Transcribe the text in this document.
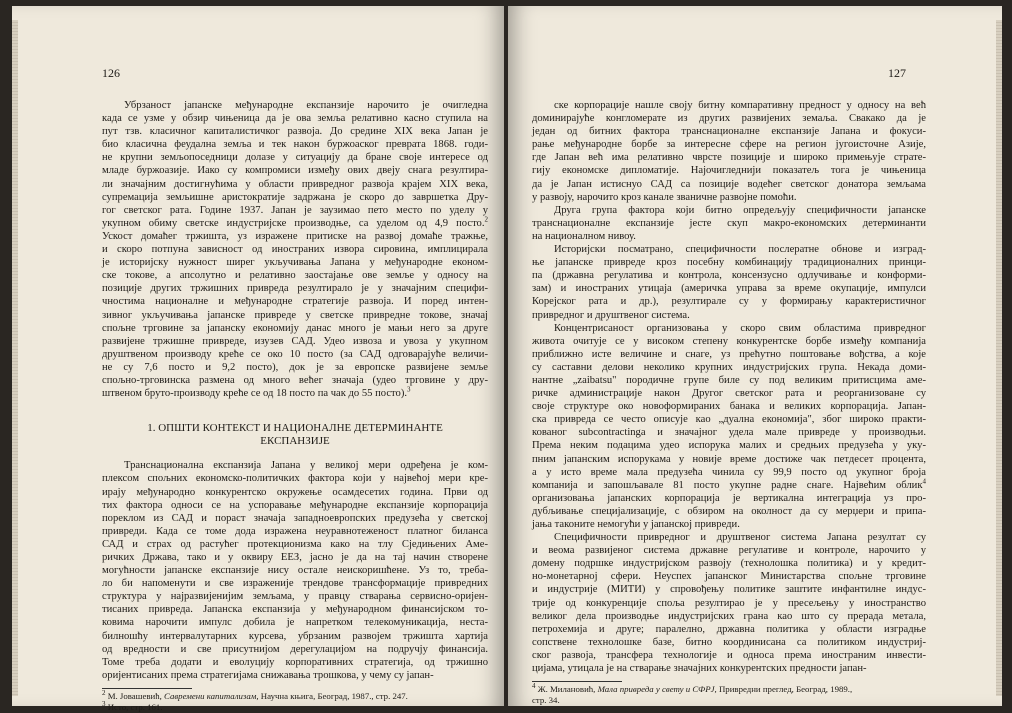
126
Убрзаност јапанске међународне експанзије нарочито је очигледна
када се узме у обзир чињеница да је ова земља релативно касно ступила на
пут тзв. класичног капиталистичког развоја. До средине XIX века Јапан је
био класична феудална земља и тек након буржоаског преврата 1868. годи-
не крупни земљопоседници долазе у ситуацију да бране своје интересе од
младе буржоазије. Иако су компромиси између ових двеју снага резултира-
ли значајним достигнућима у области привредног развоја крајем XIX века,
супремација земљишне аристократије задржана је скоро до завршетка Дру-
гог светског рата. Године 1937. Јапан је заузимао пето место по уделу у
укупном обиму светске индустријске производње, са уделом од 4,9 посто.$^2$
Ускост домаћег тржишта, уз изражене притиске на развој домаће тражње,
и скоро потпуна зависност од иностраних извора сировина, имплицирала
је историјску нужност ширег укључивања Јапана у међународне економ-
ске токове, а апсолутно и релативно заостајање ове земље у односу на
позиције других тржишних привреда резултирало је у значајним специфи-
чностима националне и међународне стратегије развоја. И поред интен-
зивног укључивања јапанске привреде у светске привредне токове, значај
спољне трговине за јапанску економију данас много је мањи него за друге
развијене тржишне привреде, изузев САД. Удео извоза и увоза у укупном
друштвеном производу креће се око 10 посто (за САД одговарајуће величи-
не су 7,6 посто и 9,2 посто), док је за европске развијене земље
спољно-трговинска размена од много већег значаја (удео трговине у дру-
штвеном бруто-производу креће се од 18 посто па чак до 55 посто).$^3$
1. ОПШТИ КОНТЕКСТ И НАЦИОНАЛНЕ ДЕТЕРМИНАНТЕ
ЕКСПАНЗИЈЕ
Транснационална експанзија Јапана у великој мери одређена је ком-
плексом спољних економско-политичких фактора који у највећој мери кре-
ирају међународно конкурентско окружење осамдесетих година. Први од
тих фактора односи се на успоравање међународне експанзије корпорација
пореклом из САД и пораст значаја западноевропских предузећа у светској
привреди. Када се томе дода изражена неуравнотеженост платног биланса
САД и страх од растућег протекционизма како на тлу Сједињених Аме-
ричких Држава, тако и у оквиру ЕЕЗ, јасно је да на тај начин створене
могућности јапанске експанзије нису остале неискоришћене. Уз то, треба-
ло би напоменути и све израженије трендове трансформације привредних
структура у најразвијенијим земљама, у правцу стварања сервисно-оријен-
тисаних привреда. Јапанска експанзија у међународном финансијском то-
ковима нарочити импулс добила је напретком телекомуникација, неста-
билношћу интервалутарних курсева, убрзаним развојем тржишта хартија
од вредности и све присутнијом дерегулацијом на подручју финансија.
Томе треба додати и еволуцију корпоративних стратегија, од тржишно
оријентисаних према стратегијама снижавања трошкова, у чему су јапан-
$^2$ М. Јовашевић, Савремени капитализам, Научна књига, Београд, 1987., стр. 247.
$^3$ Исто, стр. 161.
127
ске корпорације нашле своју битну компаративну предност у односу на већ
доминирајуће конгломерате из других развијених земаља. Свакако да је
један од битних фактора транснационалне експанзије Јапана и фокуси-
рање међународне борбе за интересне сфере на регион југоисточне Азије,
где Јапан већ има релативно чврсте позиције и широко примењује страте-
гију економске дипломатије. Најочигледнији показатељ тога је чињеница
да је Јапан истиснуо САД са позиције водећег светског донатора земљама
у развоју, нарочито кроз канале званичне развојне помоћи.
Друга група фактора који битно опредељују специфичности јапанске
транснационалне експанзије јесте скуп макро-економских детерминанти
на националном нивоу.
Историјски посматрано, специфичности послератне обнове и изград-
ње јапанске привреде кроз посебну комбинацију традиционалних принци-
па (државна регулатива и контрола, консензусно одлучивање и конформи-
зам) и иностраних утицаја (америчка управа за време окупације, импулси
Корејског рата и др.), резултирале су у формирању карактеристичног
привредног и друштвеног система.
Концентрисаност организовања у скоро свим областима привредног
живота очитује се у високом степену конкурентске борбе између компанија
приближно исте величине и снаге, уз прећутно поштовање вођства, а које
су саставни делови неколико крупних индустријских група. Некада доми-
нантне „zaibatsu" породичне групе биле су под великим притисцима аме-
ричке администрације након Другог светског рата и реорганизоване су
своје структуре око новоформираних банака и великих корпорација. Јапан-
ска привреда се често описује као „дуална економија", због широко практи-
кованог subcontractinga и значајног удела мале привреде у производњи.
Према неким подацима удео испорука малих и средњих предузећа у уку-
пним јапанским испорукама у новије време достиже чак петдесет процента,
а у исто време мала предузећа чинила су 99,9 посто од укупног броја
компанија и запошљавале 81 посто укупне радне снаге. Највећим облик$^4$
организовања јапанских корпорација је вертикална интеграција уз про-
дубљивање специјализације, с обзиром на околност да су мерџери и припа-
јања таконите немогући у јапанској привреди.
Специфичности привредног и друштвеног система Јапана резултат су
и веома развијеног система државне регулативе и контроле, нарочито у
домену подршке индустријском развоју (технолошка политика) и у кредит-
но-монетарној сфери. Неуспех јапанског Министарства спољне трговине
и индустрије (МИТИ) у спровођењу политике заштите инфантилне индус-
трије од конкуренције споља резултирао је у пресељењу у иностранство
великог дела производње индустријских грана као што су прерада метала,
петрохемија и друге; паралелно, државна политика у области изградње
сопствене технолошке базе, битно координисана са политиком индустриј-
ског развоја, трансфера технологије и односа према иностраним инвести-
цијама, утицала је на стварање значајних конкурентских предности јапан-
$^4$ Ж. Милановић, Мала привреда у свету и СФРЈ, Привредни преглед, Београд, 1989.,
стр. 34.
